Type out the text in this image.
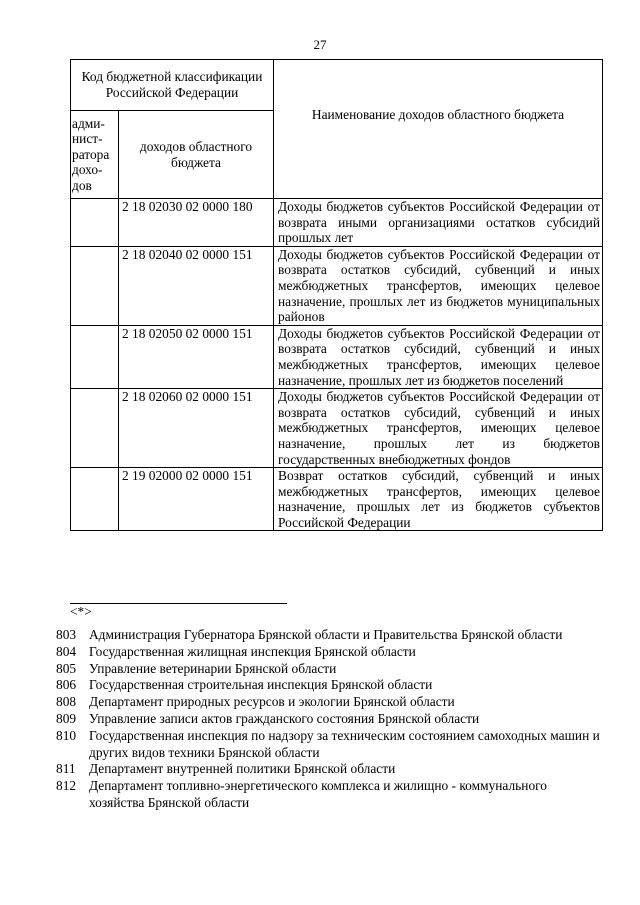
27
Код бюджетной классификации Российской Федерации		Наименование доходов областного бюджета
адми-нист-ратора дохо-дов	доходов областного бюджета	
	2 18 02030 02 0000 180	Доходы бюджетов субъектов Российской Федерации от возврата иными организациями остатков субсидий прошлых лет
	2 18 02040 02 0000 151	Доходы бюджетов субъектов Российской Федерации от возврата остатков субсидий, субвенций и иных межбюджетных трансфертов, имеющих целевое назначение, прошлых лет из бюджетов муниципальных районов
	2 18 02050 02 0000 151	Доходы бюджетов субъектов Российской Федерации от возврата остатков субсидий, субвенций и иных межбюджетных трансфертов, имеющих целевое назначение, прошлых лет из бюджетов поселений
	2 18 02060 02 0000 151	Доходы бюджетов субъектов Российской Федерации от возврата остатков субсидий, субвенций и иных межбюджетных трансфертов, имеющих целевое назначение, прошлых лет из бюджетов государственных внебюджетных фондов
	2 19 02000 02 0000 151	Возврат остатков субсидий, субвенций и иных межбюджетных трансфертов, имеющих целевое назначение, прошлых лет из бюджетов субъектов Российской Федерации
<*>
803 Администрация Губернатора Брянской области и Правительства Брянской области
804 Государственная жилищная инспекция Брянской области
805 Управление ветеринарии Брянской области
806 Государственная строительная инспекция Брянской области
808 Департамент природных ресурсов и экологии Брянской области
809 Управление записи актов гражданского состояния Брянской области
810 Государственная инспекция по надзору за техническим состоянием самоходных машин и других видов техники Брянской области
811	Департамент внутренней политики Брянской области
812 Департамент топливно-энергетического комплекса и жилищно - коммунального хозяйства Брянской области
